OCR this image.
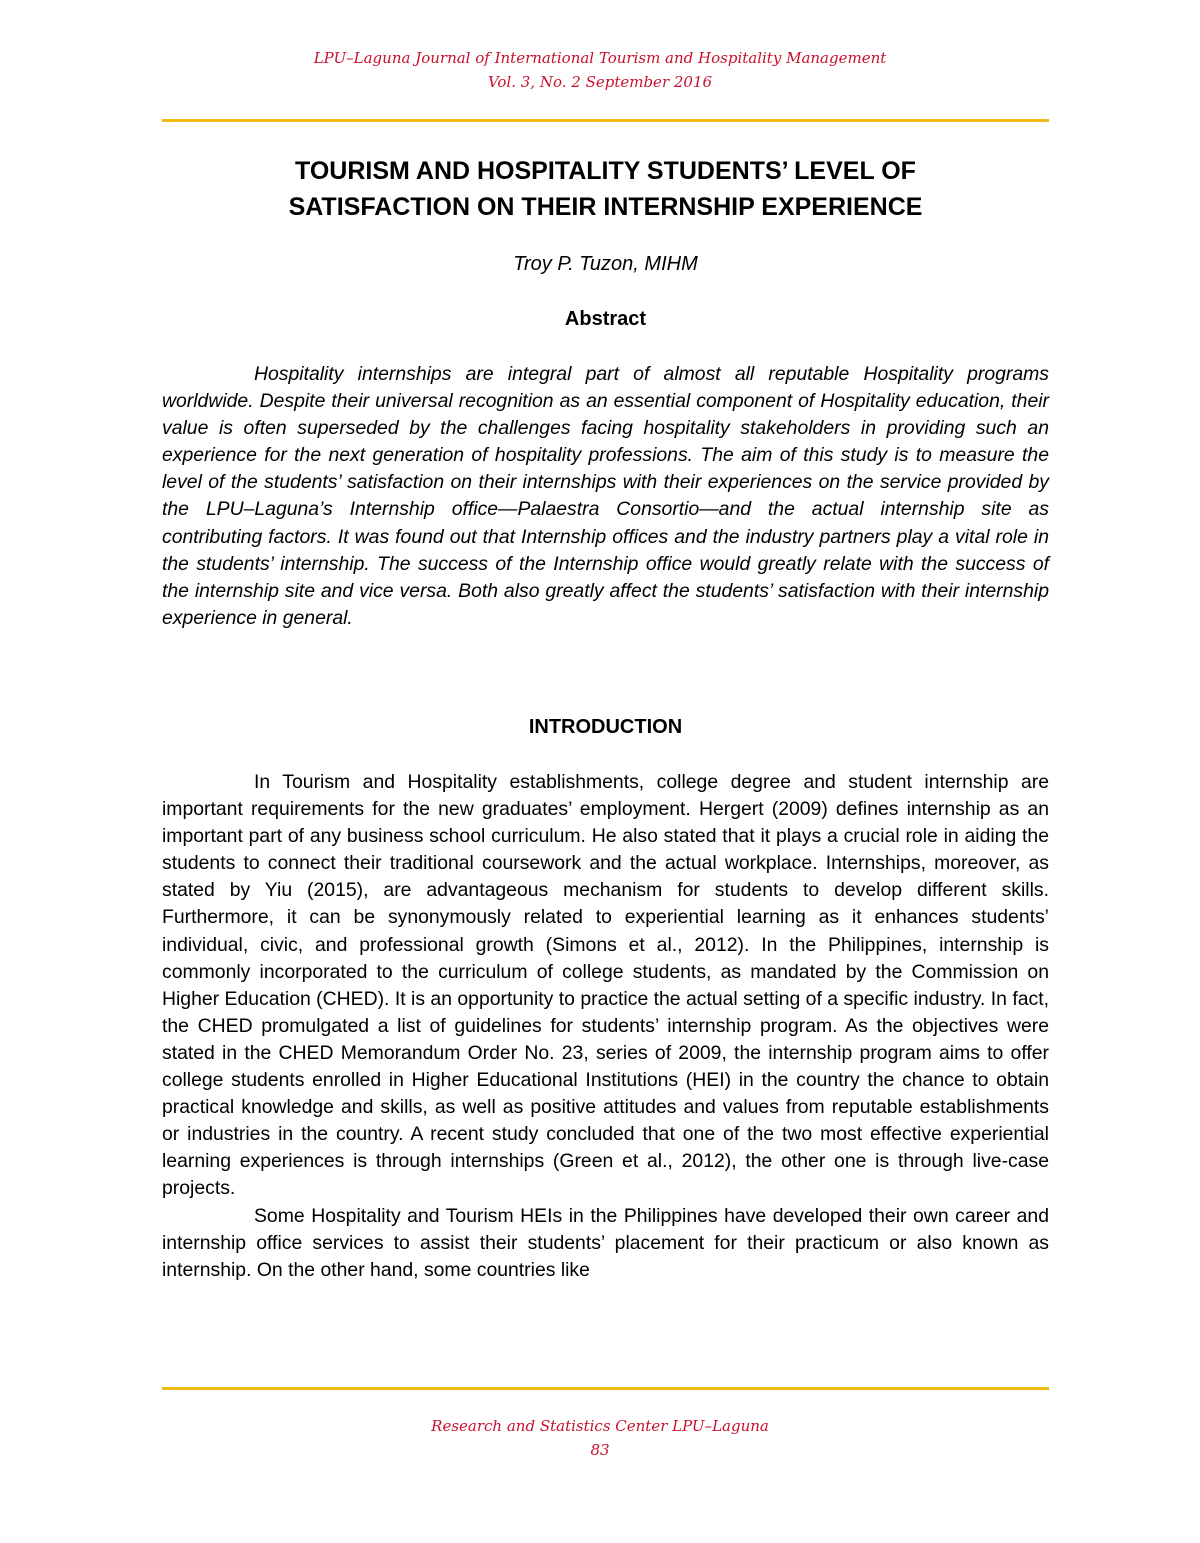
LPU–Laguna Journal of International Tourism and Hospitality Management
Vol. 3, No. 2 September 2016
TOURISM AND HOSPITALITY STUDENTS’ LEVEL OF
SATISFACTION ON THEIR INTERNSHIP EXPERIENCE
Troy P. Tuzon, MIHM
Abstract

Hospitality internships are integral part of almost all reputable Hospitality programs worldwide. Despite their universal recognition as an essential component of Hospitality education, their value is often superseded by the challenges facing hospitality stakeholders in providing such an experience for the next generation of hospitality professions. The aim of this study is to measure the level of the students’ satisfaction on their internships with their experiences on the service provided by the LPU–Laguna’s Internship office—Palaestra Consortio—and the actual internship site as contributing factors. It was found out that Internship offices and the industry partners play a vital role in the students’ internship. The success of the Internship office would greatly relate with the success of the internship site and vice versa. Both also greatly affect the students’ satisfaction with their internship experience in general.

INTRODUCTION

In Tourism and Hospitality establishments, college degree and student internship are important requirements for the new graduates’ employment. Hergert (2009) defines internship as an important part of any business school curriculum. He also stated that it plays a crucial role in aiding the students to connect their traditional coursework and the actual workplace. Internships, moreover, as stated by Yiu (2015), are advantageous mechanism for students to develop different skills. Furthermore, it can be synonymously related to experiential learning as it enhances students’ individual, civic, and professional growth (Simons et al., 2012). In the Philippines, internship is commonly incorporated to the curriculum of college students, as mandated by the Commission on Higher Education (CHED). It is an opportunity to practice the actual setting of a specific industry. In fact, the CHED promulgated a list of guidelines for students’ internship program. As the objectives were stated in the CHED Memorandum Order No. 23, series of 2009, the internship program aims to offer college students enrolled in Higher Educational Institutions (HEI) in the country the chance to obtain practical knowledge and skills, as well as positive attitudes and values from reputable establishments or industries in the country. A recent study concluded that one of the two most effective experiential learning experiences is through internships (Green et al., 2012), the other one is through live-case projects.

Some Hospitality and Tourism HEIs in the Philippines have developed their own career and internship office services to assist their students’ placement for their practicum or also known as internship. On the other hand, some countries like

Research and Statistics Center LPU–Laguna
83
